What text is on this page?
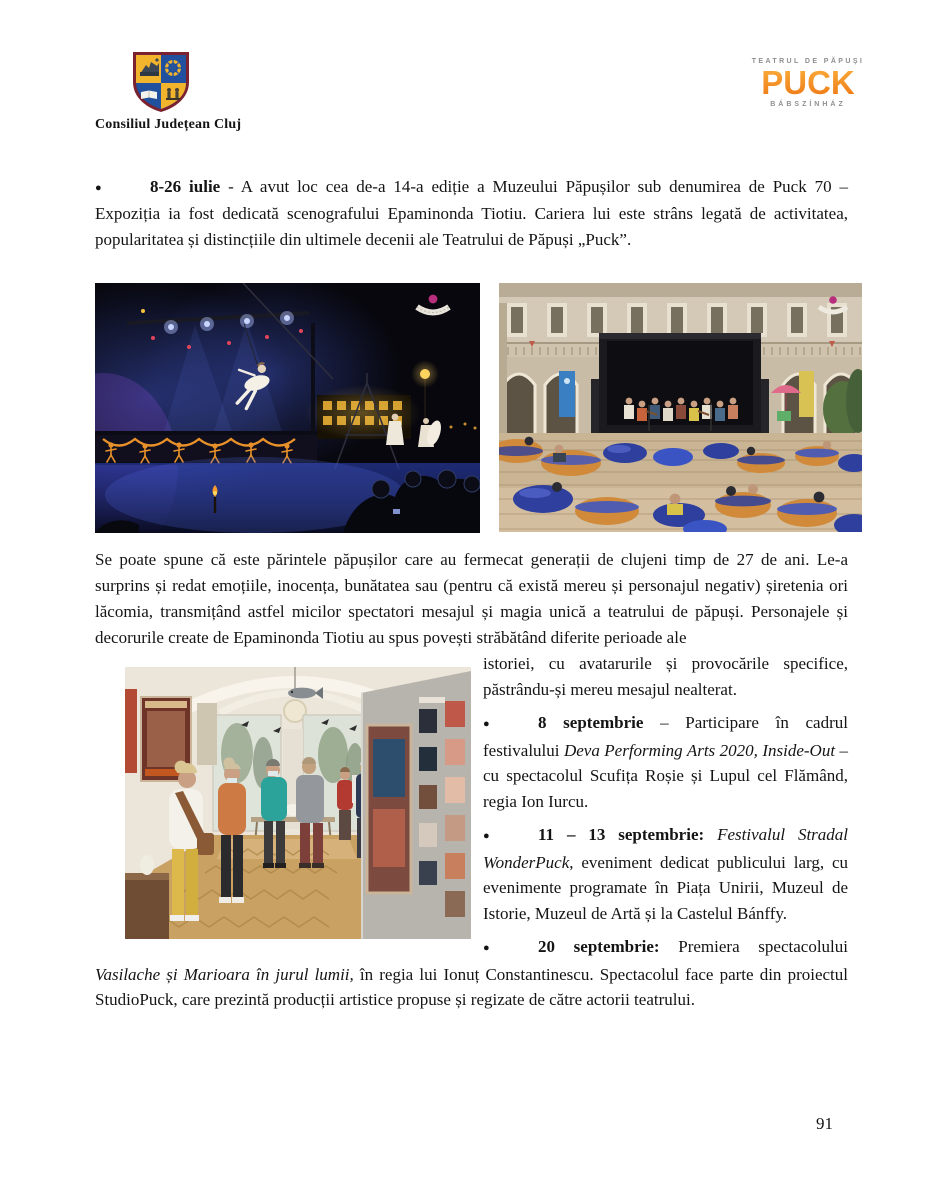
Consiliul Județean Cluj
TEATRUL DE PĂPUȘI
PUCK
BÁBSZÍNHÁZ

●	8-26 iulie - A avut loc cea de-a 14-a ediție a Muzeului Păpușilor sub denumirea de Puck 70 – Expoziția ia fost dedicată scenografului Epaminonda Tiotiu. Cariera lui este strâns legată de activitatea, popularitatea și distincțiile din ultimele decenii ale Teatrului de Păpuși „Puck”.

Se poate spune că este părintele păpușilor care au fermecat generații de clujeni timp de 27 de ani. Le-a surprins și redat emoțiile, inocența, bunătatea sau (pentru că există mereu și personajul negativ) șiretenia ori lăcomia, transmițând astfel micilor spectatori mesajul și magia unică a teatrului de păpuși. Personajele și decorurile create de Epaminonda Tiotiu au spus povești străbătând diferite perioade ale

istoriei, cu avatarurile și provocările specifice, păstrându-și mereu mesajul nealterat.

●	8 septembrie – Participare în cadrul festivalului Deva Performing Arts 2020, Inside-Out – cu spectacolul Scufița Roșie și Lupul cel Flămând, regia Ion Iurcu.

●	11 – 13 septembrie: Festivalul Stradal WonderPuck, eveniment dedicat publicului larg, cu evenimente programate în Piața Unirii, Muzeul de Istorie, Muzeul de Artă și la Castelul Bánffy.

●	20 septembrie: Premiera spectacolului Vasilache și Marioara în jurul lumii, în regia lui Ionuț Constantinescu. Spectacolul face parte din proiectul StudioPuck, care prezintă producții artistice propuse și regizate de către actorii teatrului.

91
